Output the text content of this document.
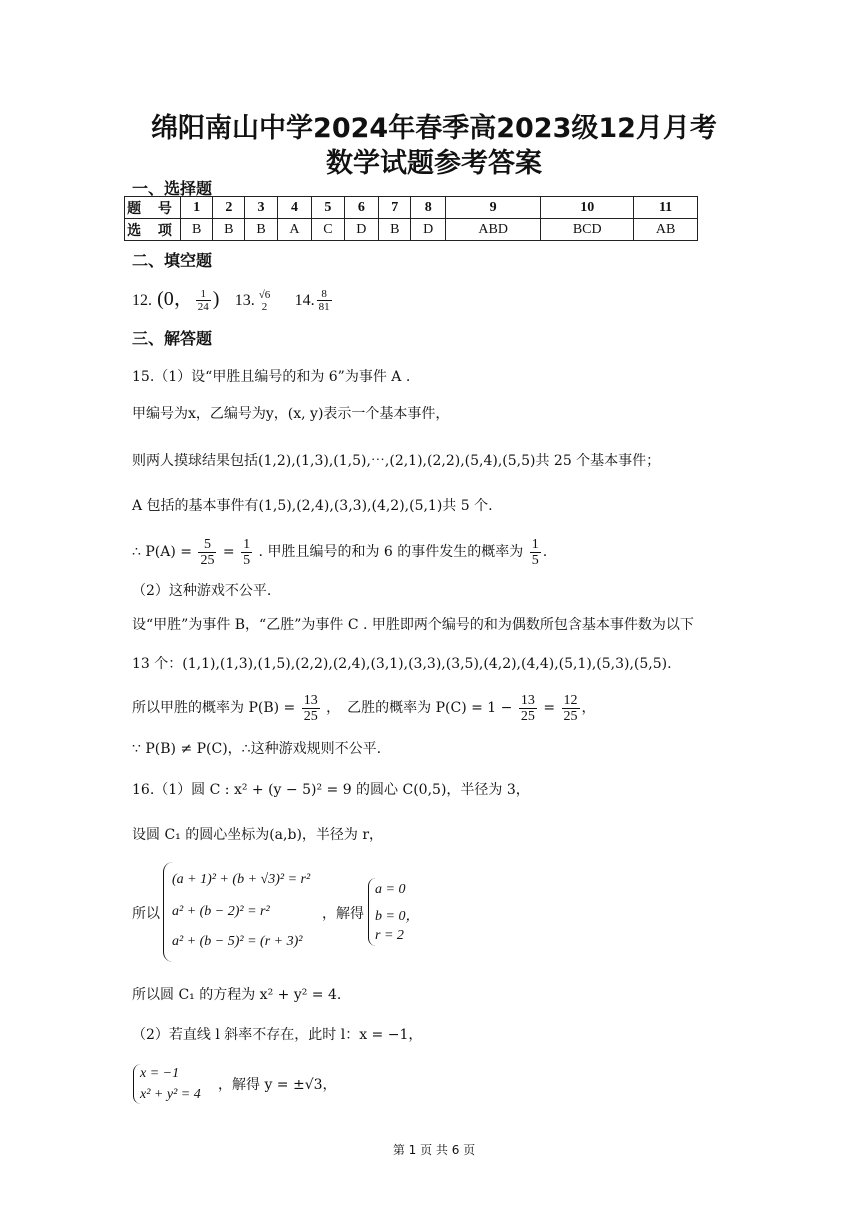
绵阳南山中学2024年春季高2023级12月月考
数学试题参考答案
一、选择题
题 号	1	2	3	4	5	6	7	8	9	10	11
选 项	B	B	B	A	C	D	B	D	ABD	BCD	AB
二、填空题
12. (0， $\frac{1}{24}$ ) 13. √6
2	14. $\frac{8}{81}$
三、解答题
15.（1）设“甲胜且编号的和为 6”为事件 A .
甲编号为x，乙编号为y，(x, y)表示一个基本事件，
则两人摸球结果包括(1,2),(1,3),(1,5),⋯,(2,1),(2,2),(5,4),(5,5)共 25 个基本事件；
A 包括的基本事件有(1,5),(2,4),(3,3),(4,2),(5,1)共 5 个.
∴ $P(A) = \frac{5}{25} = \frac{1}{5}$ . 甲胜且编号的和为 6 的事件发生的概率为 $\frac{1}{5}$ .
（2）这种游戏不公平.
设“甲胜”为事件 B，“乙胜”为事件 C . 甲胜即两个编号的和为偶数所包含基本事件数为以下
13 个：(1,1),(1,3),(1,5),(2,2),(2,4),(3,1),(3,3),(3,5),(4,2),(4,4),(5,1),(5,3),(5,5).
所以甲胜的概率为 $P(B) = \frac{13}{25}$ ，　乙胜的概率为 $P(C) = 1 - \frac{13}{25} = \frac{12}{25}$ ，
∵ P(B) ≠ P(C)，∴这种游戏规则不公平.
16.（1）圆 C : x² + (y − 5)² = 9 的圆心 C(0,5)，半径为 3，
设圆 C₁ 的圆心坐标为(a,b)，半径为 r，
所以
(a + 1)² + (b + √3)² = r²
a² + (b − 2)² = r²
a² + (b − 5)² = (r + 3)²
，解得
a = 0
b = 0，
r = 2
所以圆 C₁ 的方程为 x² + y² = 4.
（2）若直线 l 斜率不存在，此时 l：x = −1，
x = −1
x² + y² = 4
，解得 y = ±√3，
第 1 页 共 6 页
